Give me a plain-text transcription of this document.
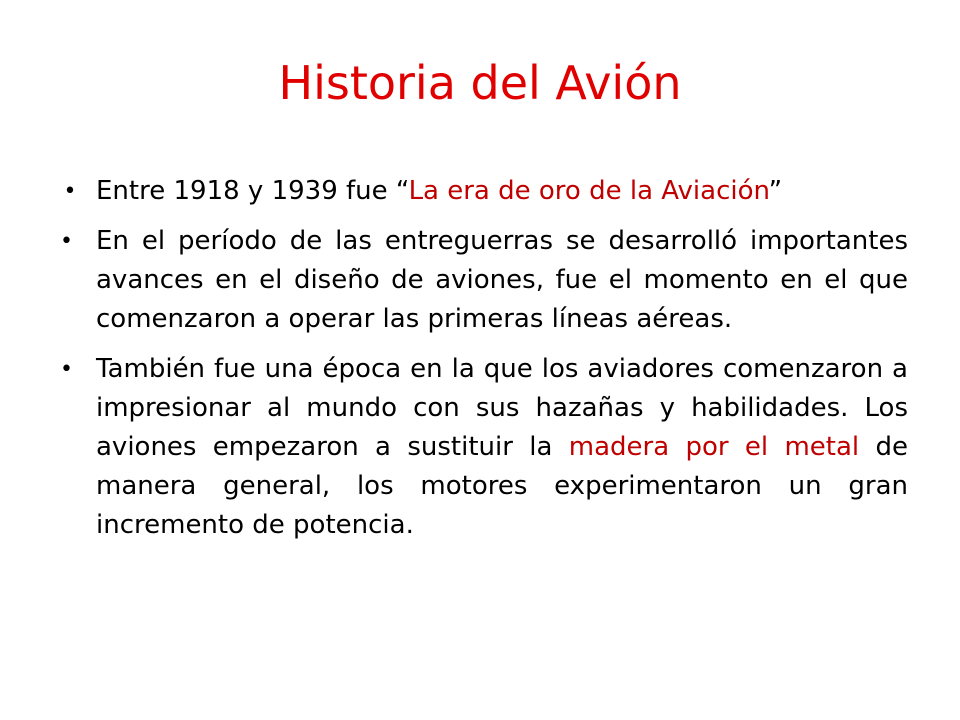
Historia del Avión
• Entre 1918 y 1939 fue “La era de oro de la Aviación”
• En el período de las entreguerras se desarrolló importantes avances en el diseño de aviones, fue el momento en el que comenzaron a operar las primeras líneas aéreas.
• También fue una época en la que los aviadores comenzaron a impresionar al mundo con sus hazañas y habilidades. Los aviones empezaron a sustituir la madera por el metal de manera general, los motores experimentaron un gran incremento de potencia.
